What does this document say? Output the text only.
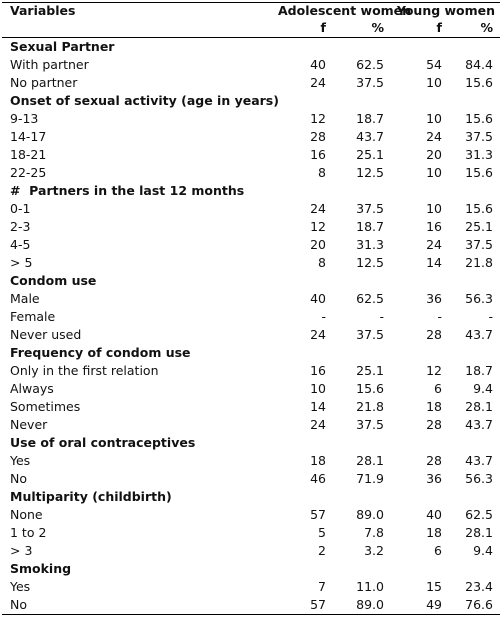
Variables	Adolescent women		Young women	
	f	%	f	%
Sexual Partner				
With partner	40	62.5	54	84.4
No partner	24	37.5	10	15.6
Onset of sexual activity (age in years)				
9-13	12	18.7	10	15.6
14-17	28	43.7	24	37.5
18-21	16	25.1	20	31.3
22-25	8	12.5	10	15.6
#  Partners in the last 12 months				
0-1	24	37.5	10	15.6
2-3	12	18.7	16	25.1
4-5	20	31.3	24	37.5
> 5	8	12.5	14	21.8
Condom use				
Male	40	62.5	36	56.3
Female	-	-	-	-
Never used	24	37.5	28	43.7
Frequency of condom use				
Only in the first relation	16	25.1	12	18.7
Always	10	15.6	6	9.4
Sometimes	14	21.8	18	28.1
Never	24	37.5	28	43.7
Use of oral contraceptives				
Yes	18	28.1	28	43.7
No	46	71.9	36	56.3
Multiparity (childbirth)				
None	57	89.0	40	62.5
1 to 2	5	7.8	18	28.1
> 3	2	3.2	6	9.4
Smoking				
Yes	7	11.0	15	23.4
No	57	89.0	49	76.6
